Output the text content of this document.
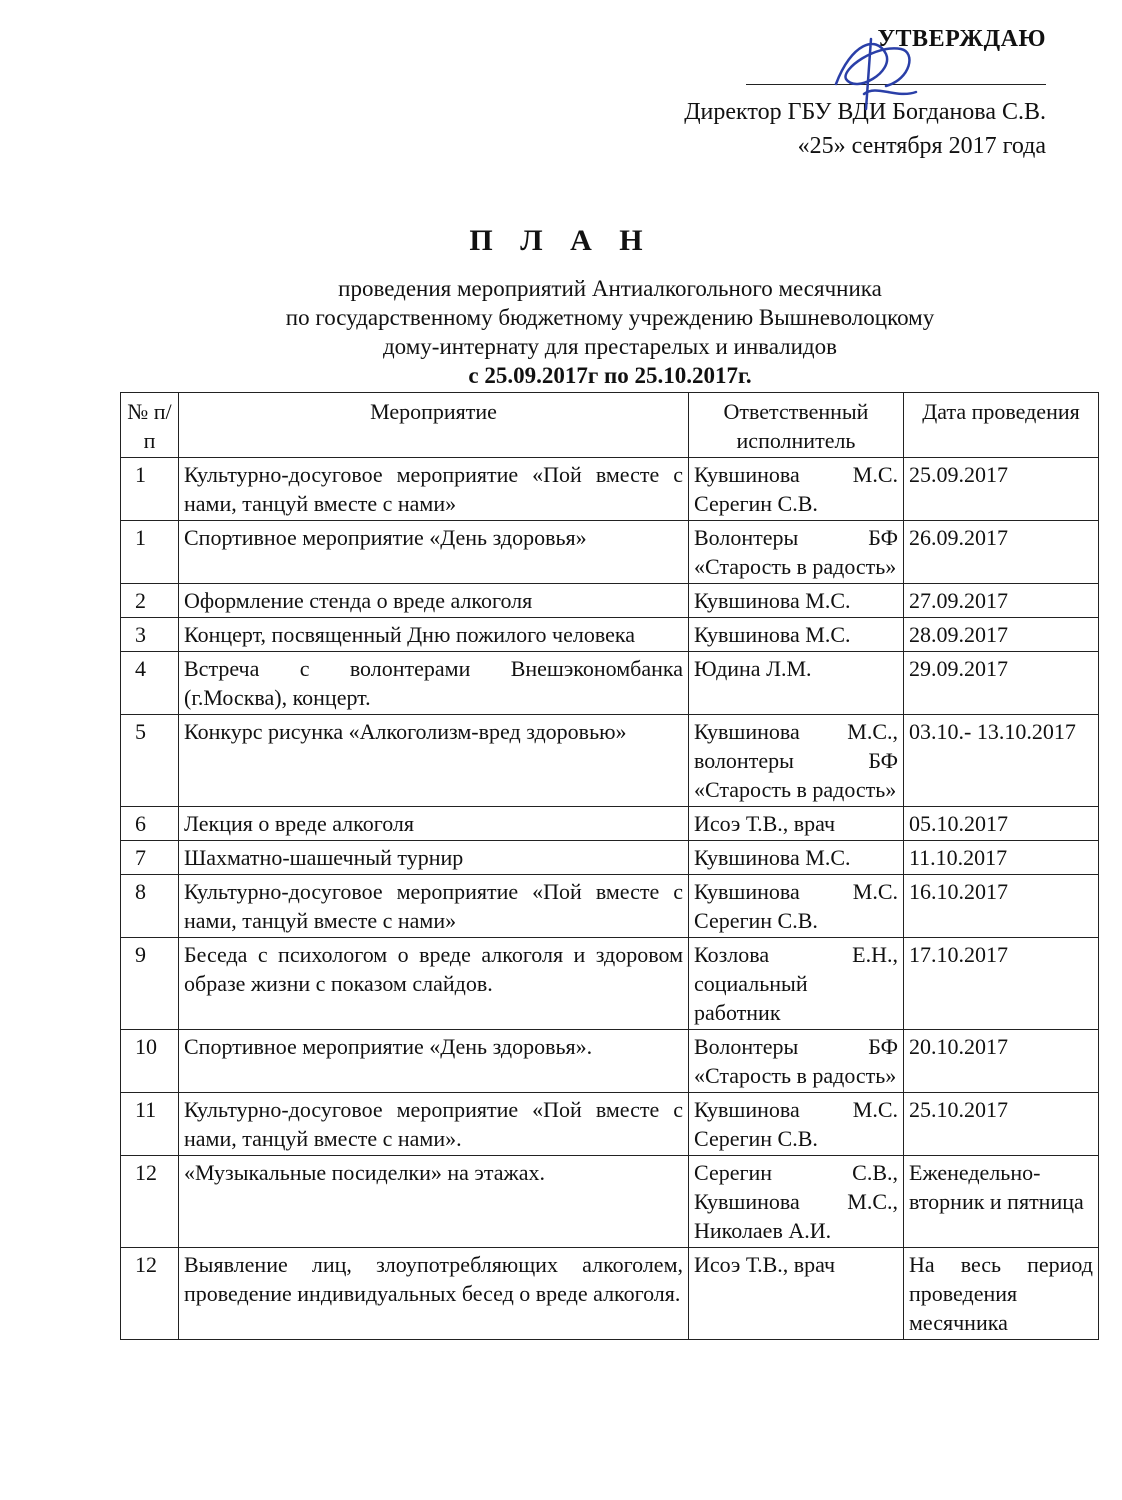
УТВЕРЖДАЮ
Директор ГБУ ВДИ Богданова С.В.
«25» сентября 2017 года
П Л А Н
проведения мероприятий Антиалкогольного месячника
по государственному бюджетному учреждению Вышневолоцкому
дому-интернату для престарелых и инвалидов
с 25.09.2017г по 25.10.2017г.
№ п/п	Мероприятие	Ответственный исполнитель	Дата проведения
1	Культурно-досуговое мероприятие «Пой вместе с нами, танцуй вместе с нами»	Кувшинова М.С. Серегин С.В.	25.09.2017
1	Спортивное мероприятие «День здоровья»	Волонтеры БФ «Старость в радость»	26.09.2017
2	Оформление стенда о вреде алкоголя	Кувшинова М.С.	27.09.2017
3	Концерт, посвященный Дню пожилого человека	Кувшинова М.С.	28.09.2017
4	Встреча с волонтерами Внешэкономбанка (г.Москва), концерт.	Юдина Л.М.	29.09.2017
5	Конкурс рисунка «Алкоголизм-вред здоровью»	Кувшинова М.С., волонтеры БФ «Старость в радость»	03.10.- 13.10.2017
6	Лекция о вреде алкоголя	Исоэ Т.В., врач	05.10.2017
7	Шахматно-шашечный турнир	Кувшинова М.С.	11.10.2017
8	Культурно-досуговое мероприятие «Пой вместе с нами, танцуй вместе с нами»	Кувшинова М.С. Серегин С.В.	16.10.2017
9	Беседа с психологом о вреде алкоголя и здоровом образе жизни с показом слайдов.	Козлова Е.Н., социальный работник	17.10.2017
10	Спортивное мероприятие «День здоровья».	Волонтеры БФ «Старость в радость»	20.10.2017
11	Культурно-досуговое мероприятие «Пой вместе с нами, танцуй вместе с нами».	Кувшинова М.С. Серегин С.В.	25.10.2017
12	«Музыкальные посиделки» на этажах.	Серегин С.В., Кувшинова М.С., Николаев А.И.	Еженедельно- вторник и пятница
12	Выявление лиц, злоупотребляющих алкоголем, проведение индивидуальных бесед о вреде алкоголя.	Исоэ Т.В., врач	На весь период проведения месячника
